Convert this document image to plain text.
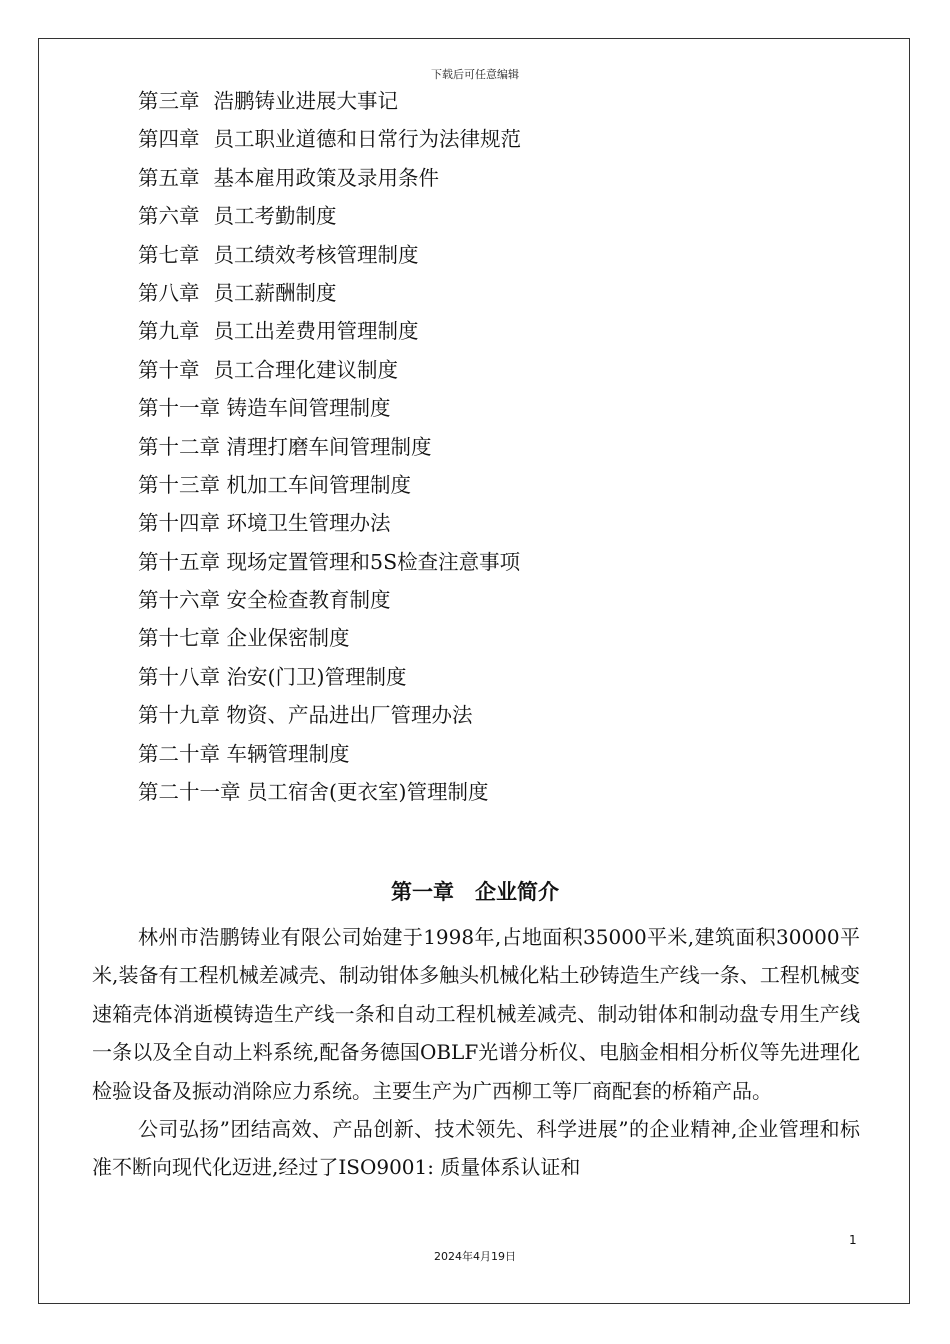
下载后可任意编辑
第三章 浩鹏铸业进展大事记
第四章 员工职业道德和日常行为法律规范
第五章 基本雇用政策及录用条件
第六章 员工考勤制度
第七章 员工绩效考核管理制度
第八章 员工薪酬制度
第九章 员工出差费用管理制度
第十章 员工合理化建议制度
第十一章 铸造车间管理制度
第十二章 清理打磨车间管理制度
第十三章 机加工车间管理制度
第十四章 环境卫生管理办法
第十五章 现场定置管理和5S检查注意事项
第十六章 安全检查教育制度
第十七章 企业保密制度
第十八章 治安(门卫)管理制度
第十九章 物资、产品进出厂管理办法
第二十章 车辆管理制度
第二十一章 员工宿舍(更衣室)管理制度
第一章　企业简介

林州市浩鹏铸业有限公司始建于1998年,占地面积35000平米,建筑面积30000平米,装备有工程机械差减壳、制动钳体多触头机械化粘土砂铸造生产线一条、工程机械变速箱壳体消逝模铸造生产线一条和自动工程机械差减壳、制动钳体和制动盘专用生产线一条以及全自动上料系统,配备务德国OBLF光谱分析仪、电脑金相相分析仪等先进理化检验设备及振动消除应力系统。主要生产为广西柳工等厂商配套的桥箱产品。

公司弘扬”团结高效、产品创新、技术领先、科学进展”的企业精神,企业管理和标准不断向现代化迈进,经过了ISO9001: 质量体系认证和

1
2024年4月19日
